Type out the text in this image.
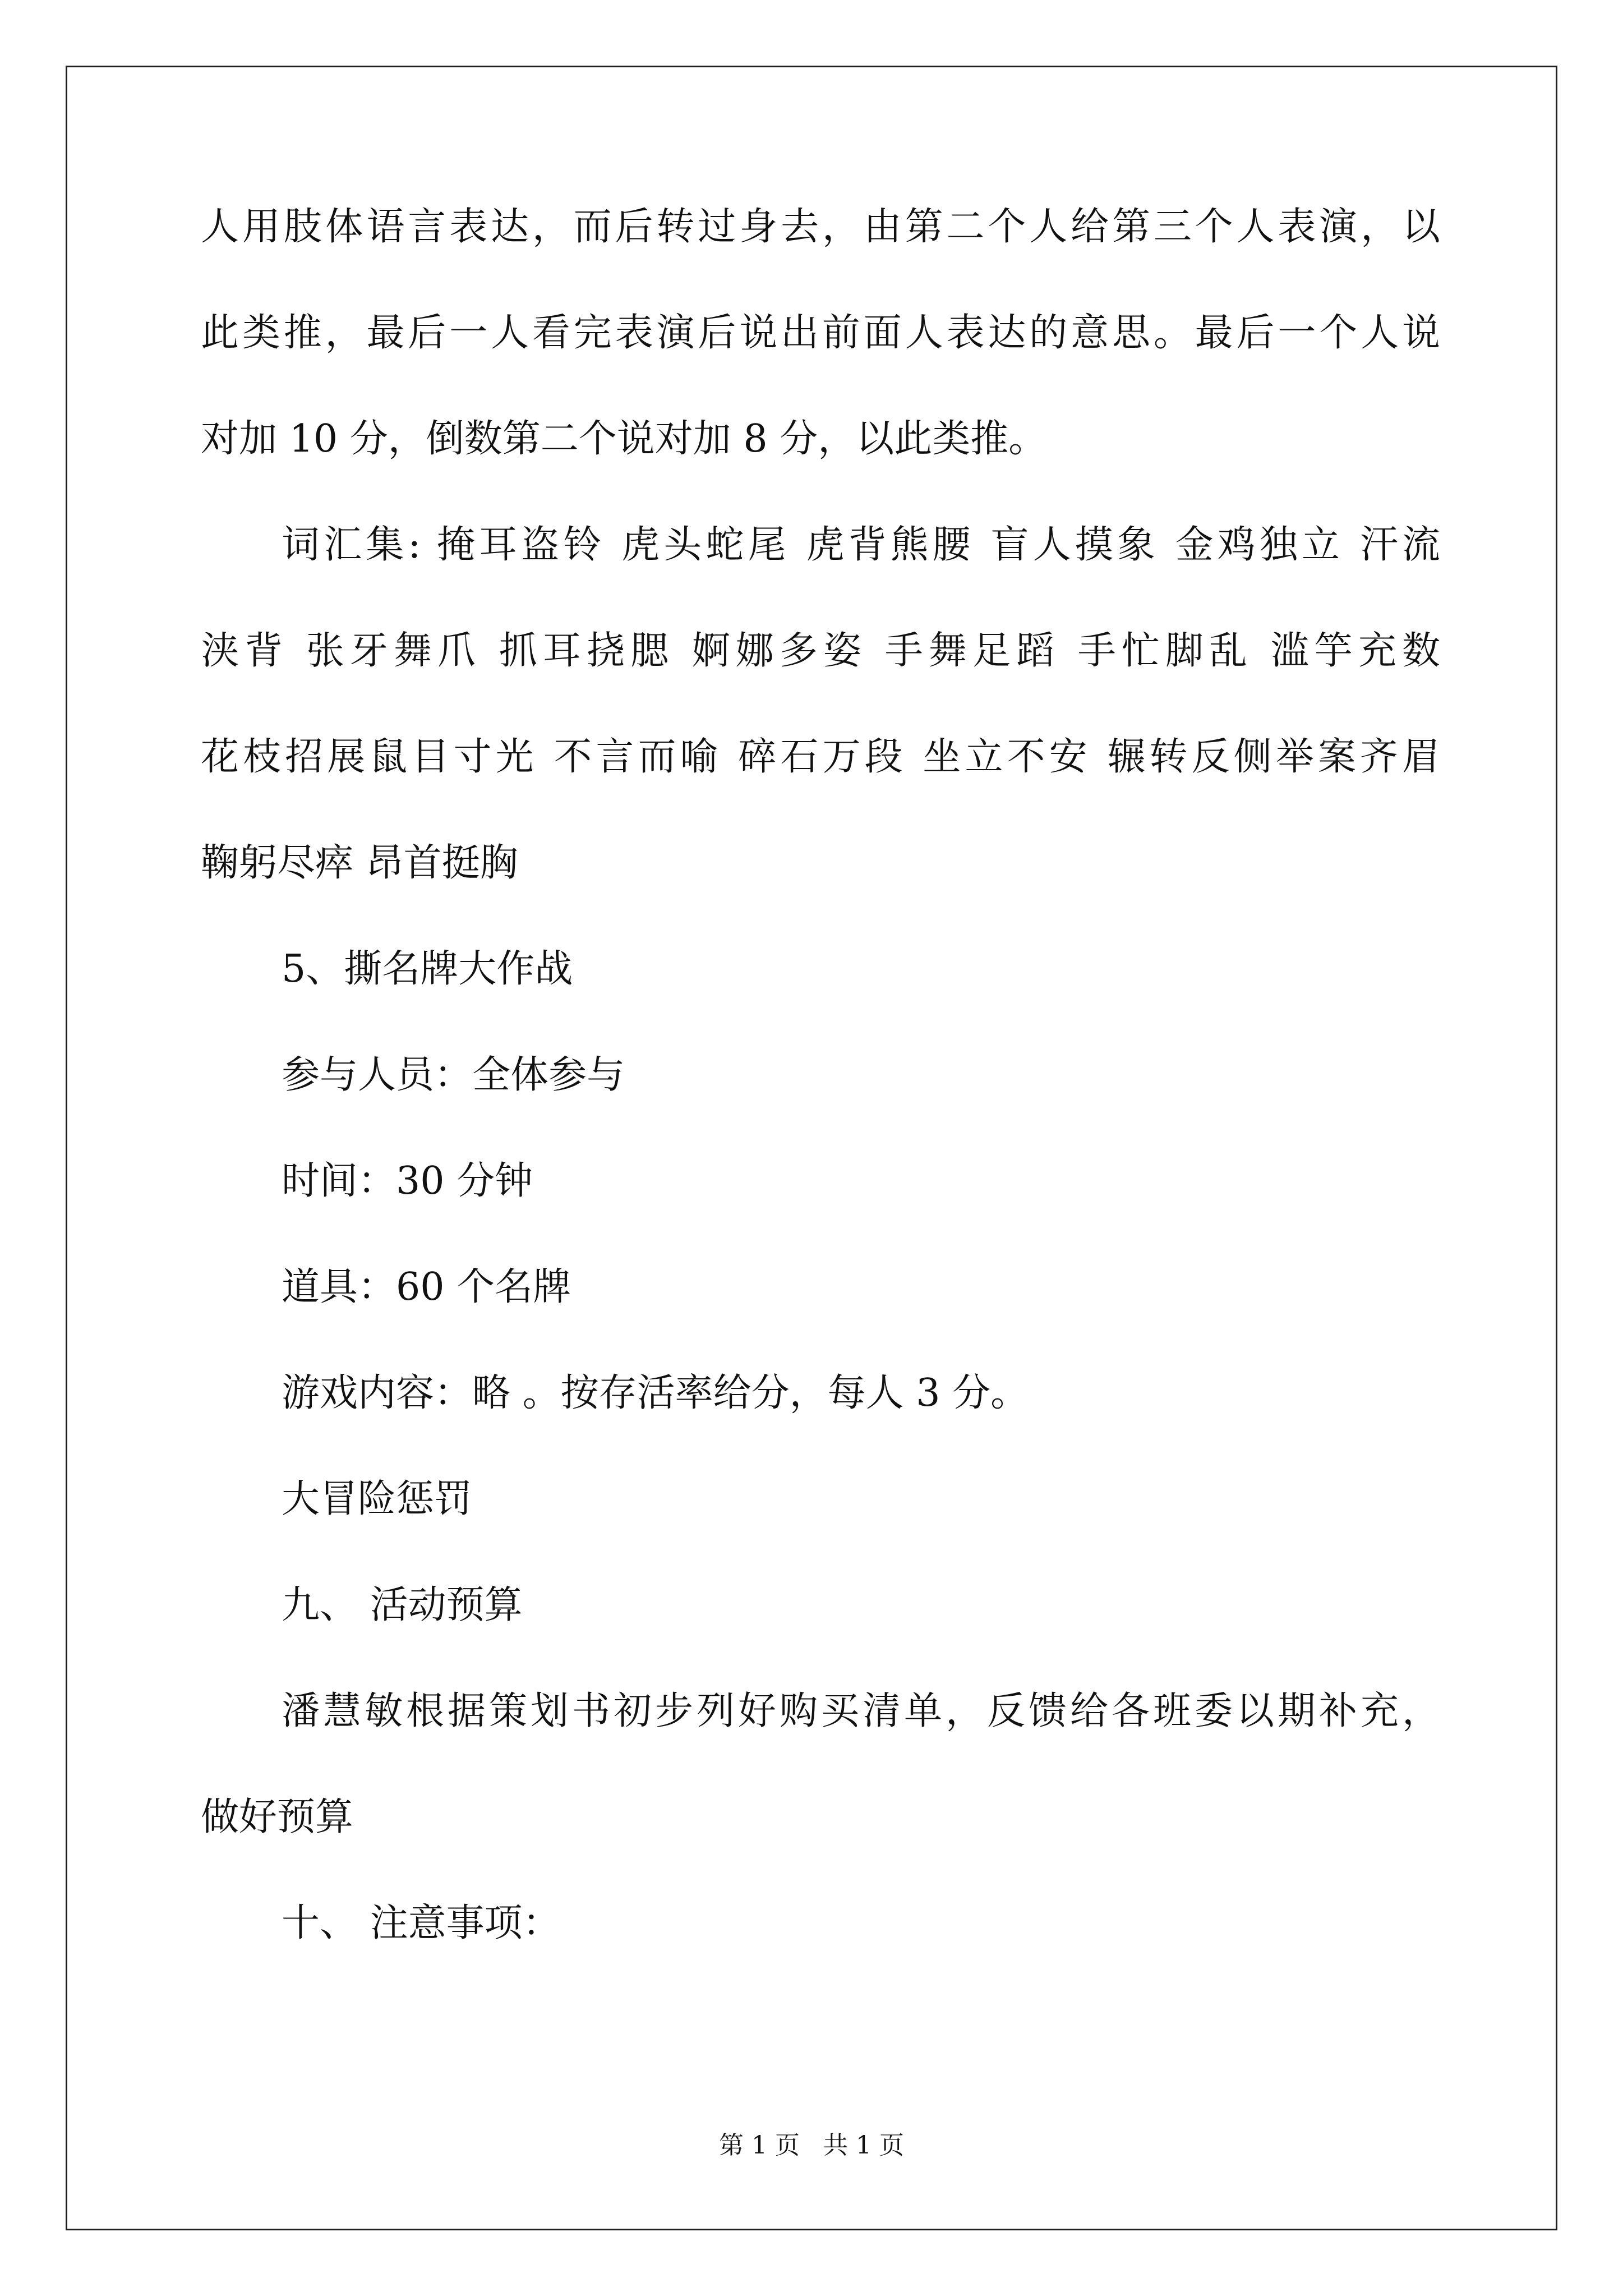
人用肢体语言表达，而后转过身去，由第二个人给第三个人表演，以

此类推，最后一人看完表演后说出前面人表达的意思。最后一个人说

对加 10 分，倒数第二个说对加 8 分，以此类推。

词汇集: 掩耳盗铃 虎头蛇尾 虎背熊腰 盲人摸象 金鸡独立 汗流

浃背 张牙舞爪 抓耳挠腮 婀娜多姿 手舞足蹈 手忙脚乱 滥竽充数

花枝招展鼠目寸光 不言而喻 碎石万段 坐立不安 辗转反侧举案齐眉

鞠躬尽瘁 昂首挺胸

5、撕名牌大作战

参与人员：全体参与

时间：30 分钟

道具：60 个名牌

游戏内容：略 。按存活率给分，每人 3 分。

大冒险惩罚

九、 活动预算

潘慧敏根据策划书初步列好购买清单，反馈给各班委以期补充，

做好预算

十、 注意事项：

第 1 页   共 1 页
